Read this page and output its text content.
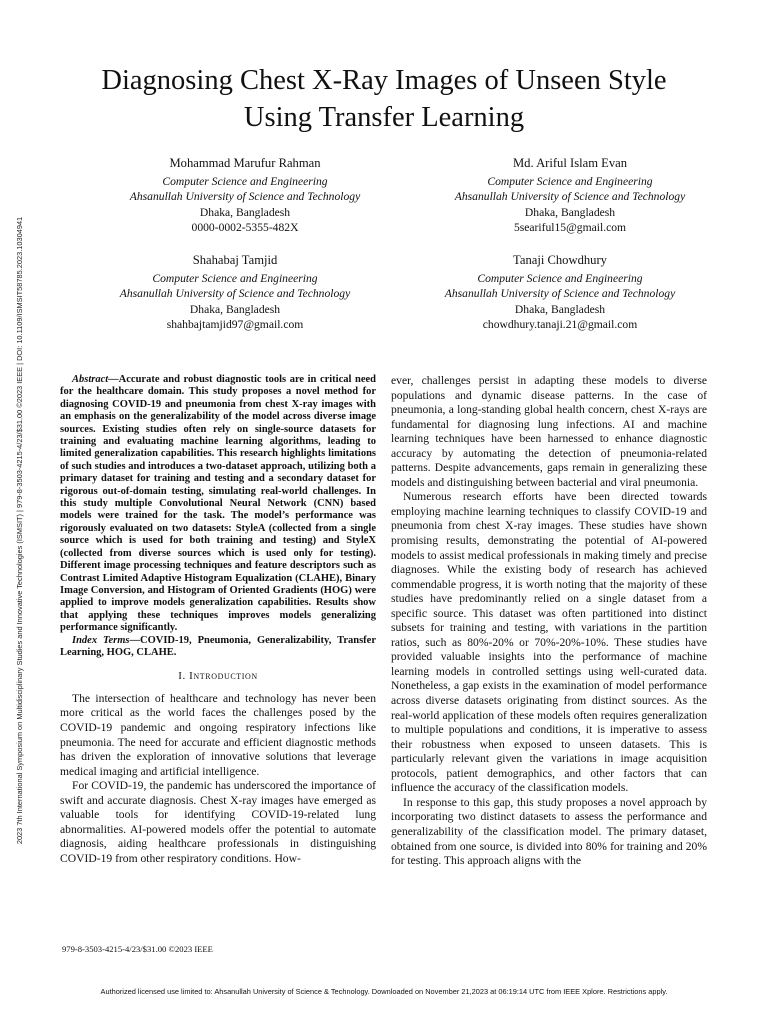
2023 7th International Symposium on Multidisciplinary Studies and Innovative Technologies (ISMSIT) | 979-8-3503-4215-4/23/$31.00 ©2023 IEEE | DOI: 10.1109/ISMSIT58785.2023.10304941
Diagnosing Chest X-Ray Images of Unseen Style
Using Transfer Learning
Mohammad Marufur Rahman
Computer Science and Engineering
Ahsanullah University of Science and Technology
Dhaka, Bangladesh
0000-0002-5355-482X
Md. Ariful Islam Evan
Computer Science and Engineering
Ahsanullah University of Science and Technology
Dhaka, Bangladesh
5seariful15@gmail.com
Shahabaj Tamjid
Computer Science and Engineering
Ahsanullah University of Science and Technology
Dhaka, Bangladesh
shahbajtamjid97@gmail.com
Tanaji Chowdhury
Computer Science and Engineering
Ahsanullah University of Science and Technology
Dhaka, Bangladesh
chowdhury.tanaji.21@gmail.com

Abstract—Accurate and robust diagnostic tools are in critical need for the healthcare domain. This study proposes a novel method for diagnosing COVID-19 and pneumonia from chest X-ray images with an emphasis on the generalizability of the model across diverse image sources. Existing studies often rely on single-source datasets for training and evaluating machine learning algorithms, leading to limited generalization capabilities. This research highlights limitations of such studies and introduces a two-dataset approach, utilizing both a primary dataset for training and testing and a secondary dataset for rigorous out-of-domain testing, simulating real-world challenges. In this study multiple Convolutional Neural Network (CNN) based models were trained for the task. The model’s performance was rigorously evaluated on two datasets: StyleA (collected from a single source which is used for both training and testing) and StyleX (collected from diverse sources which is used only for testing). Different image processing techniques and feature descriptors such as Contrast Limited Adaptive Histogram Equalization (CLAHE), Binary Image Conversion, and Histogram of Oriented Gradients (HOG) were applied to improve models generalization capabilities. Results show that applying these techniques improves models generalizing performance significantly.

Index Terms—COVID-19, Pneumonia, Generalizability, Transfer Learning, HOG, CLAHE.

I. Introduction

The intersection of healthcare and technology has never been more critical as the world faces the challenges posed by the COVID-19 pandemic and ongoing respiratory infections like pneumonia. The need for accurate and efficient diagnostic methods has driven the exploration of innovative solutions that leverage medical imaging and artificial intelligence.

For COVID-19, the pandemic has underscored the importance of swift and accurate diagnosis. Chest X-ray images have emerged as valuable tools for identifying COVID-19-related lung abnormalities. AI-powered models offer the potential to automate diagnosis, aiding healthcare professionals in distinguishing COVID-19 from other respiratory conditions. How-

ever, challenges persist in adapting these models to diverse populations and dynamic disease patterns. In the case of pneumonia, a long-standing global health concern, chest X-rays are fundamental for diagnosing lung infections. AI and machine learning techniques have been harnessed to enhance diagnostic accuracy by automating the detection of pneumonia-related patterns. Despite advancements, gaps remain in generalizing these models and distinguishing between bacterial and viral pneumonia.

Numerous research efforts have been directed towards employing machine learning techniques to classify COVID-19 and pneumonia from chest X-ray images. These studies have shown promising results, demonstrating the potential of AI-powered models to assist medical professionals in making timely and precise diagnoses. While the existing body of research has achieved commendable progress, it is worth noting that the majority of these studies have predominantly relied on a single dataset from a specific source. This dataset was often partitioned into distinct subsets for training and testing, with variations in the partition ratios, such as 80%-20% or 70%-20%-10%. These studies have provided valuable insights into the performance of machine learning models in controlled settings using well-curated data. Nonetheless, a gap exists in the examination of model performance across diverse datasets originating from distinct sources. As the real-world application of these models often requires generalization to multiple populations and conditions, it is imperative to assess their robustness when exposed to unseen datasets. This is particularly relevant given the variations in image acquisition protocols, patient demographics, and other factors that can influence the accuracy of the classification models.

In response to this gap, this study proposes a novel approach by incorporating two distinct datasets to assess the performance and generalizability of the classification model. The primary dataset, obtained from one source, is divided into 80% for training and 20% for testing. This approach aligns with the

979-8-3503-4215-4/23/$31.00 ©2023 IEEE
Authorized licensed use limited to: Ahsanullah University of Science & Technology. Downloaded on November 21,2023 at 06:19:14 UTC from IEEE Xplore. Restrictions apply.
